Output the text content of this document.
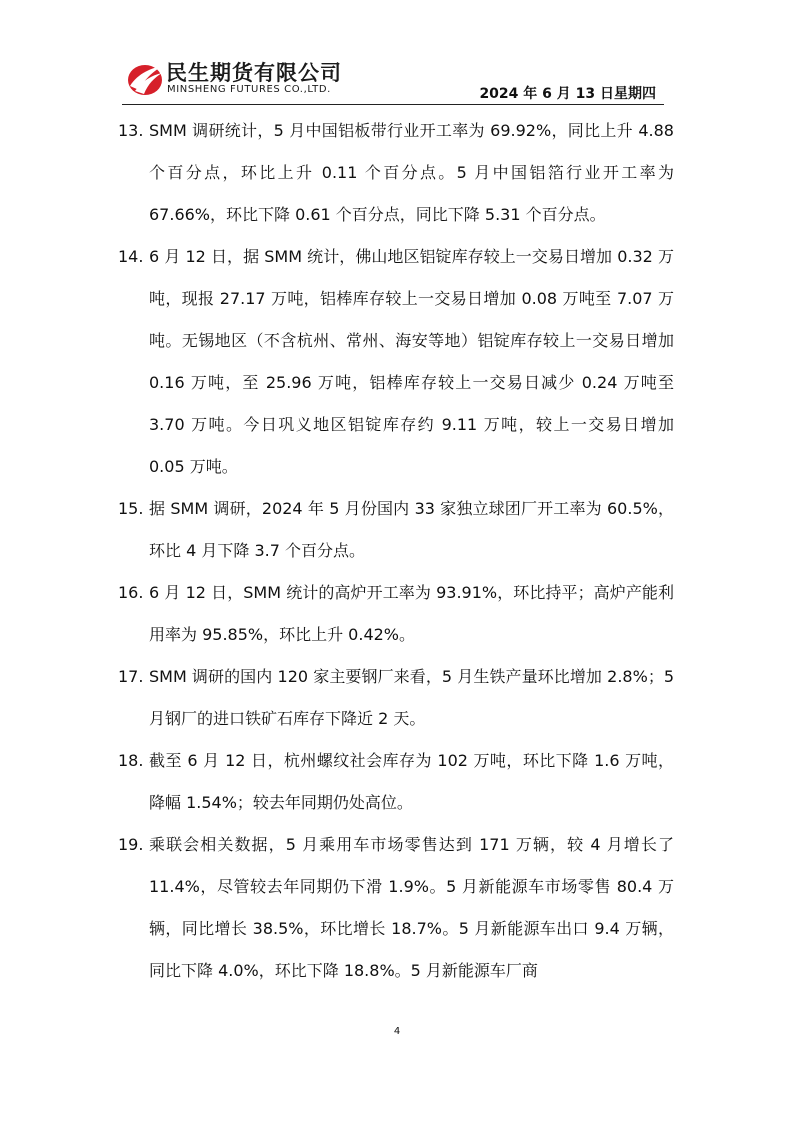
民生期货有限公司
MINSHENG FUTURES CO.,LTD.	2024 年 6 月 13 日星期四
13. SMM 调研统计，5 月中国铝板带行业开工率为 69.92%，同比上升 4.88 个百分点，环比上升 0.11 个百分点。5 月中国铝箔行业开工率为 67.66%，环比下降 0.61 个百分点，同比下降 5.31 个百分点。
14. 6 月 12 日，据 SMM 统计，佛山地区铝锭库存较上一交易日增加 0.32 万吨，现报 27.17 万吨，铝棒库存较上一交易日增加 0.08 万吨至 7.07 万吨。无锡地区（不含杭州、常州、海安等地）铝锭库存较上一交易日增加 0.16 万吨，至 25.96 万吨，铝棒库存较上一交易日减少 0.24 万吨至 3.70 万吨。今日巩义地区铝锭库存约 9.11 万吨，较上一交易日增加 0.05 万吨。
15. 据 SMM 调研，2024 年 5 月份国内 33 家独立球团厂开工率为 60.5%，环比 4 月下降 3.7 个百分点。
16. 6 月 12 日，SMM 统计的高炉开工率为 93.91%，环比持平；高炉产能利用率为 95.85%，环比上升 0.42%。
17. SMM 调研的国内 120 家主要钢厂来看，5 月生铁产量环比增加 2.8%；5 月钢厂的进口铁矿石库存下降近 2 天。
18. 截至 6 月 12 日，杭州螺纹社会库存为 102 万吨，环比下降 1.6 万吨，降幅 1.54%；较去年同期仍处高位。
19. 乘联会相关数据，5 月乘用车市场零售达到 171 万辆，较 4 月增长了 11.4%，尽管较去年同期仍下滑 1.9%。5 月新能源车市场零售 80.4 万辆，同比增长 38.5%，环比增长 18.7%。5 月新能源车出口 9.4 万辆，同比下降 4.0%，环比下降 18.8%。5 月新能源车厂商
4
